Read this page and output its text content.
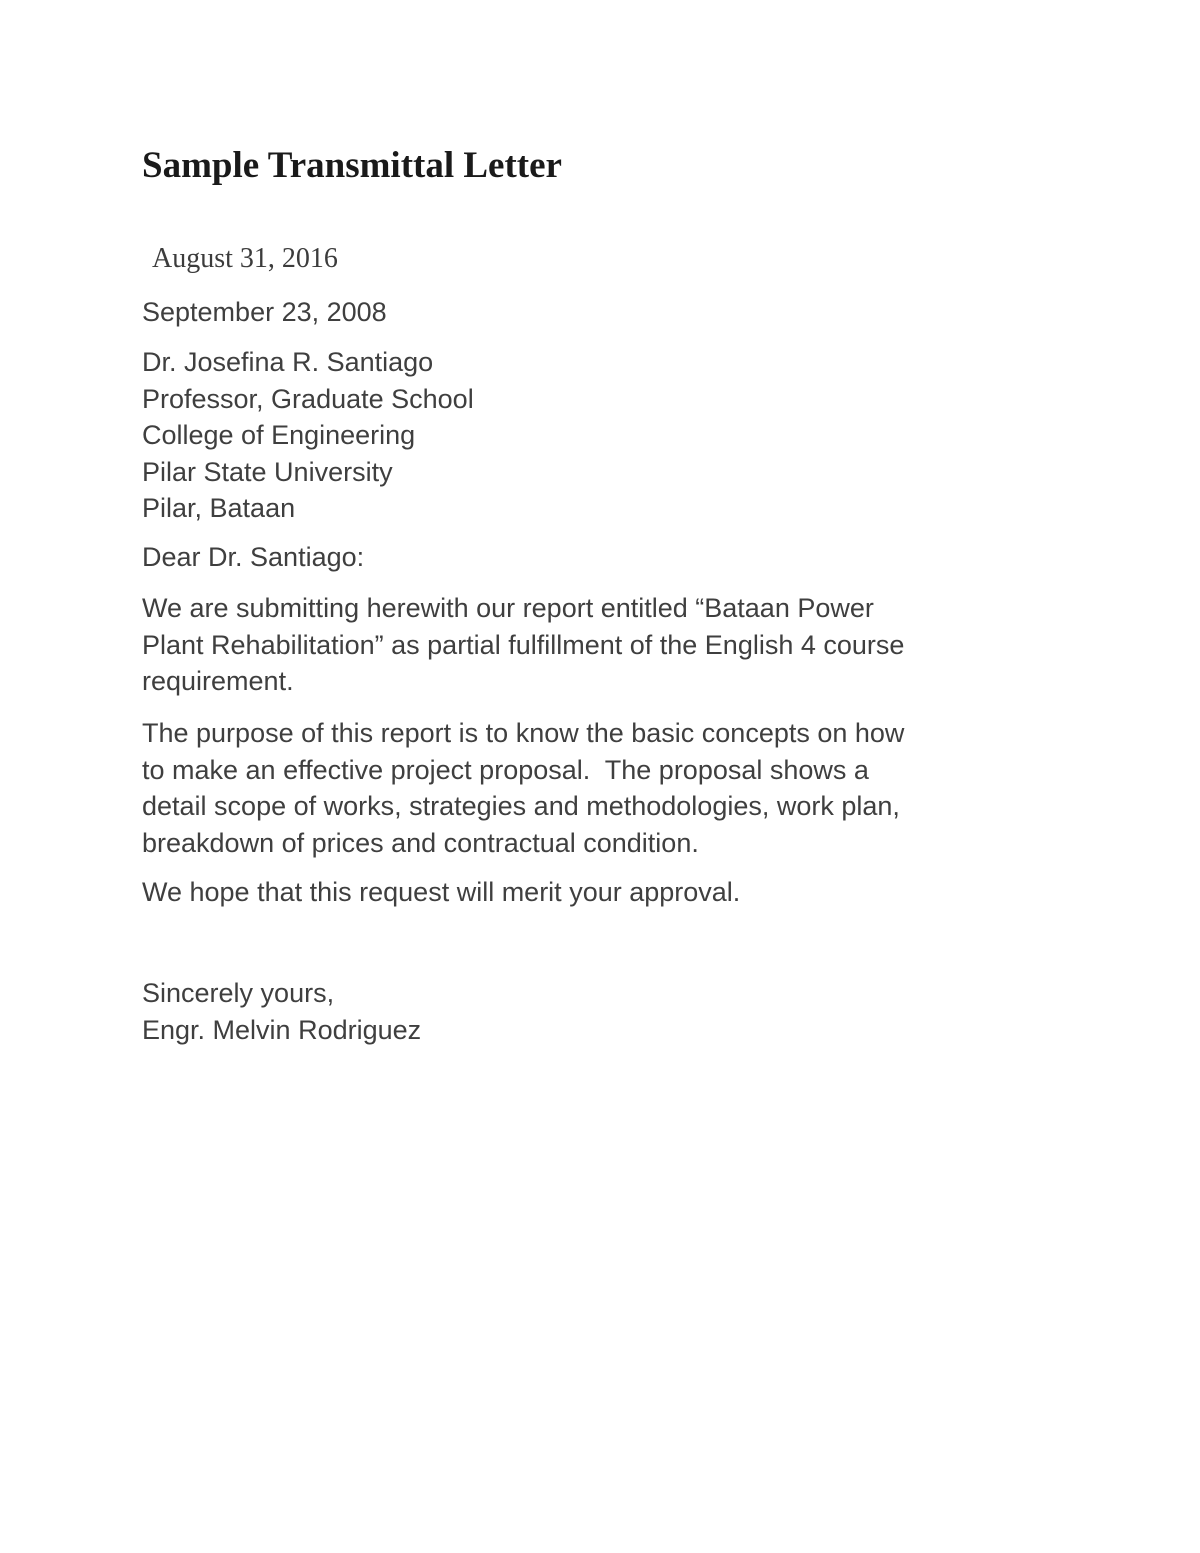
Sample Transmittal Letter
August 31, 2016
September 23, 2008
Dr. Josefina R. Santiago
Professor, Graduate School
College of Engineering
Pilar State University
Pilar, Bataan
Dear Dr. Santiago:
We are submitting herewith our report entitled “Bataan Power
Plant Rehabilitation” as partial fulfillment of the English 4 course
requirement.
The purpose of this report is to know the basic concepts on how
to make an effective project proposal.  The proposal shows a
detail scope of works, strategies and methodologies, work plan,
breakdown of prices and contractual condition.
We hope that this request will merit your approval.
Sincerely yours,
Engr. Melvin Rodriguez
